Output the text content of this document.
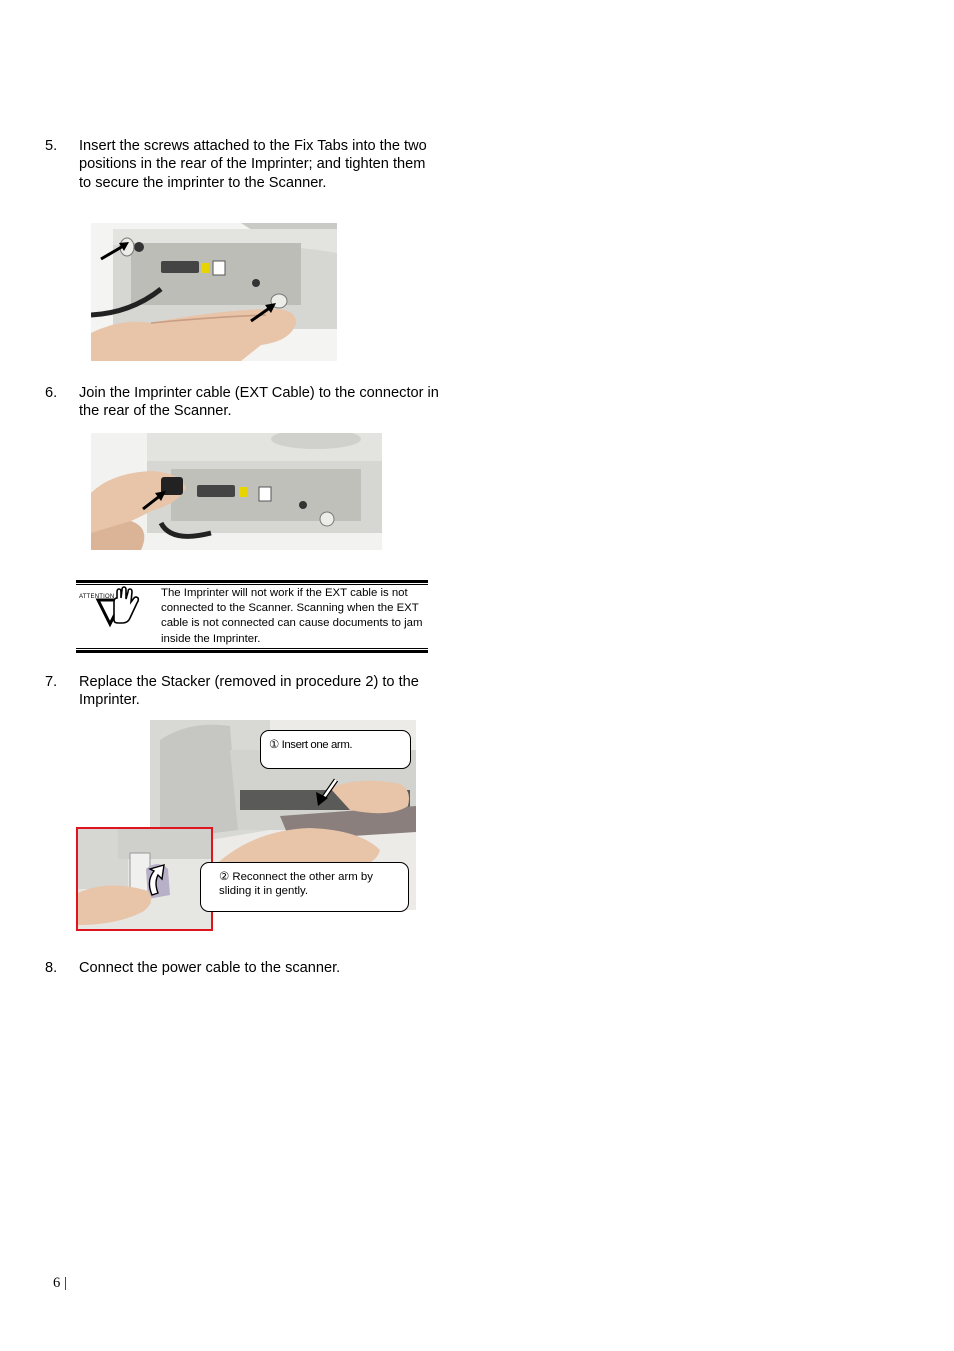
5. Insert the screws attached to the Fix Tabs into the two positions in the rear of the Imprinter; and tighten them to secure the imprinter to the Scanner.
6. Join the Imprinter cable (EXT Cable) to the connector in the rear of the Scanner.
ATTENTION	The Imprinter will not work if the EXT cable is not connected to the Scanner. Scanning when the EXT cable is not connected can cause documents to jam inside the Imprinter.
7. Replace the Stacker (removed in procedure 2) to the Imprinter.
① Insert one arm.
② Reconnect the other arm by sliding it in gently.
8. Connect the power cable to the scanner.
6 |
